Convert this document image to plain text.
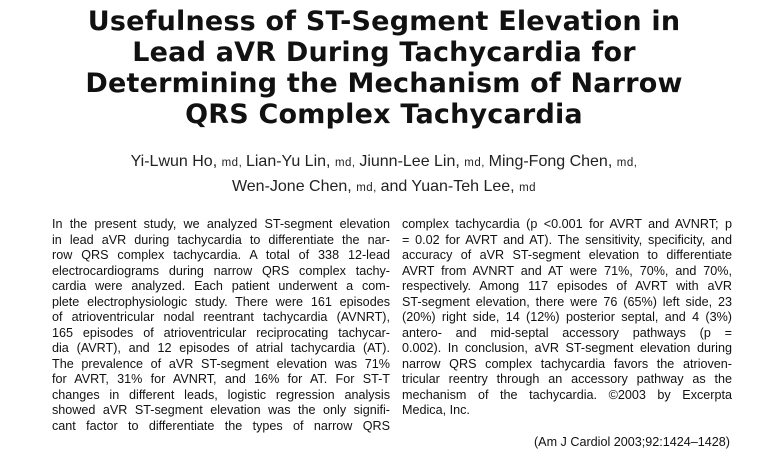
Usefulness of ST-Segment Elevation in
Lead aVR During Tachycardia for
Determining the Mechanism of Narrow
QRS Complex Tachycardia
Yi-Lwun Ho, md, Lian-Yu Lin, md, Jiunn-Lee Lin, md, Ming-Fong Chen, md,
Wen-Jone Chen, md, and Yuan-Teh Lee, md
In the present study, we analyzed ST-segment elevation
in lead aVR during tachycardia to differentiate the nar-
row QRS complex tachycardia. A total of 338 12-lead
electrocardiograms during narrow QRS complex tachy-
cardia were analyzed. Each patient underwent a com-
plete electrophysiologic study. There were 161 episodes
of atrioventricular nodal reentrant tachycardia (AVNRT),
165 episodes of atrioventricular reciprocating tachycar-
dia (AVRT), and 12 episodes of atrial tachycardia (AT).
The prevalence of aVR ST-segment elevation was 71%
for AVRT, 31% for AVNRT, and 16% for AT. For ST-T
changes in different leads, logistic regression analysis
showed aVR ST-segment elevation was the only signifi-
cant factor to differentiate the types of narrow QRS
complex tachycardia (p <0.001 for AVRT and AVNRT; p
= 0.02 for AVRT and AT). The sensitivity, specificity, and
accuracy of aVR ST-segment elevation to differentiate
AVRT from AVNRT and AT were 71%, 70%, and 70%,
respectively. Among 117 episodes of AVRT with aVR
ST-segment elevation, there were 76 (65%) left side, 23
(20%) right side, 14 (12%) posterior septal, and 4 (3%)
antero- and mid-septal accessory pathways (p =
0.002). In conclusion, aVR ST-segment elevation during
narrow QRS complex tachycardia favors the atrioven-
tricular reentry through an accessory pathway as the
mechanism of the tachycardia. ©2003 by Excerpta
Medica, Inc.
(Am J Cardiol 2003;92:1424–1428)
